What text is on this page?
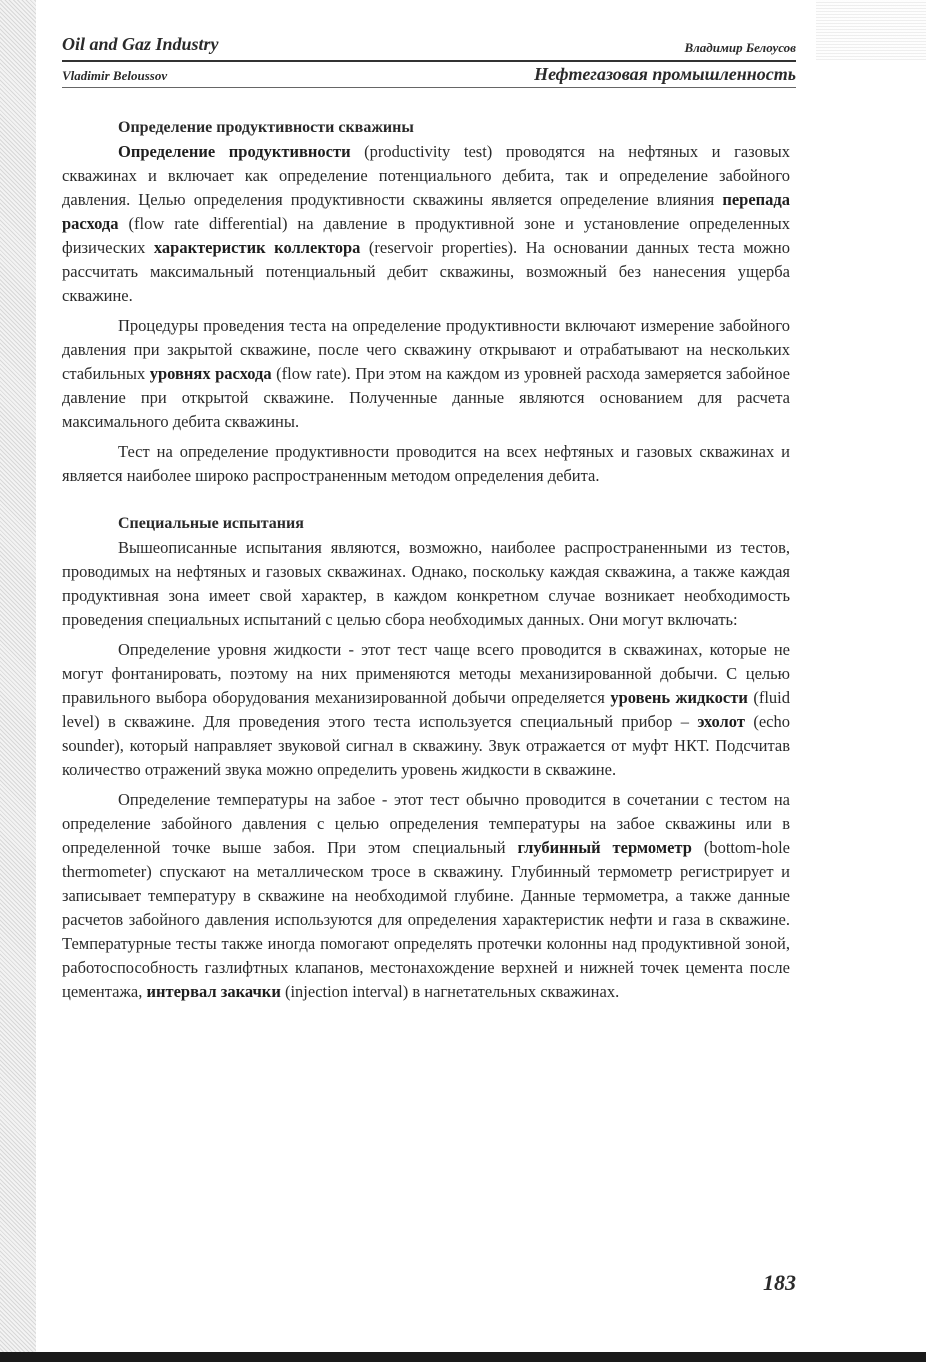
Oil and Gaz Industry	Владимир Белоусов
Vladimir Beloussov	Нефтегазовая промышленность
Определение продуктивности скважины

Определение продуктивности (productivity test) проводятся на нефтяных и газовых скважинах и включает как определение потенциального дебита, так и определение забойного давления. Целью определения продуктивности скважины является определение влияния перепада расхода (flow rate differential) на давление в продуктивной зоне и установление определенных физических характеристик коллектора (reservoir properties). На основании данных теста можно рассчитать максимальный потенциальный дебит скважины, возможный без нанесения ущерба скважине.

Процедуры проведения теста на определение продуктивности включают измерение забойного давления при закрытой скважине, после чего скважину открывают и отрабатывают на нескольких стабильных уровнях расхода (flow rate). При этом на каждом из уровней расхода замеряется забойное давление при открытой скважине. Полученные данные являются основанием для расчета максимального дебита скважины.

Тест на определение продуктивности проводится на всех нефтяных и газовых скважинах и является наиболее широко распространенным методом определения дебита.

Специальные испытания

Вышеописанные испытания являются, возможно, наиболее распространенными из тестов, проводимых на нефтяных и газовых скважинах. Однако, поскольку каждая скважина, а также каждая продуктивная зона имеет свой характер, в каждом конкретном случае возникает необходимость проведения специальных испытаний с целью сбора необходимых данных. Они могут включать:

Определение уровня жидкости - этот тест чаще всего проводится в скважинах, которые не могут фонтанировать, поэтому на них применяются методы механизированной добычи. С целью правильного выбора оборудования механизированной добычи определяется уровень жидкости (fluid level) в скважине. Для проведения этого теста используется специальный прибор – эхолот (echo sounder), который направляет звуковой сигнал в скважину. Звук отражается от муфт НКТ. Подсчитав количество отражений звука можно определить уровень жидкости в скважине.

Определение температуры на забое - этот тест обычно проводится в сочетании с тестом на определение забойного давления с целью определения температуры на забое скважины или в определенной точке выше забоя. При этом специальный глубинный термометр (bottom-hole thermometer) спускают на металлическом тросе в скважину. Глубинный термометр регистрирует и записывает температуру в скважине на необходимой глубине. Данные термометра, а также данные расчетов забойного давления используются для определения характеристик нефти и газа в скважине. Температурные тесты также иногда помогают определять протечки колонны над продуктивной зоной, работоспособность газлифтных клапанов, местонахождение верхней и нижней точек цемента после цементажа, интервал закачки (injection interval) в нагнетательных скважинах.

183
